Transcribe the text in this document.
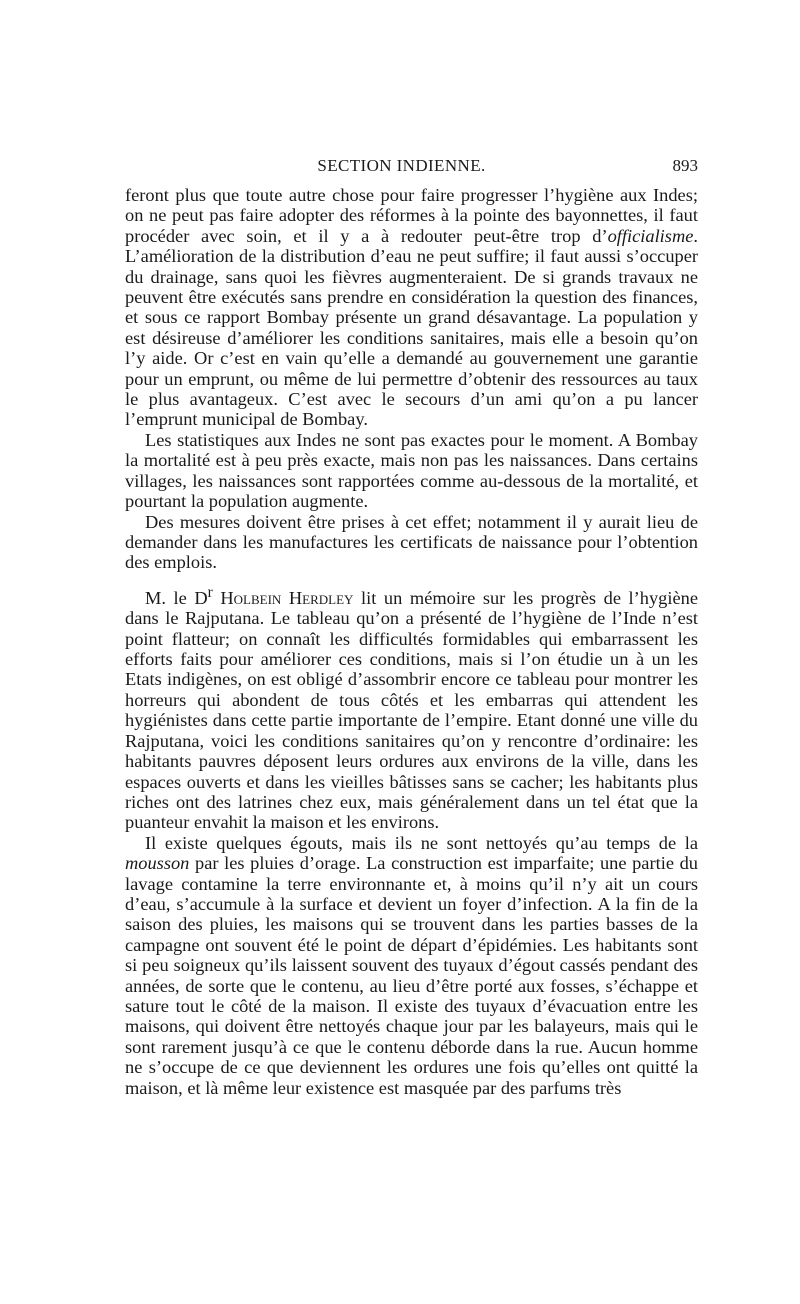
SECTION INDIENNE.	893

feront plus que toute autre chose pour faire progresser l’hygiène aux Indes; on ne peut pas faire adopter des réformes à la pointe des bayonnettes, il faut procéder avec soin, et il y a à redouter peut-être trop d’officialisme. L’amélioration de la distribution d’eau ne peut suffire; il faut aussi s’occuper du drainage, sans quoi les fièvres augmenteraient. De si grands travaux ne peuvent être exécutés sans prendre en considération la question des finances, et sous ce rapport Bombay présente un grand désavantage. La population y est désireuse d’améliorer les conditions sanitaires, mais elle a besoin qu’on l’y aide. Or c’est en vain qu’elle a demandé au gouvernement une garantie pour un emprunt, ou même de lui permettre d’obtenir des ressources au taux le plus avantageux. C’est avec le secours d’un ami qu’on a pu lancer l’emprunt municipal de Bombay.

Les statistiques aux Indes ne sont pas exactes pour le moment. A Bombay la mortalité est à peu près exacte, mais non pas les naissances. Dans certains villages, les naissances sont rapportées comme au-dessous de la mortalité, et pourtant la population augmente.

Des mesures doivent être prises à cet effet; notamment il y aurait lieu de demander dans les manufactures les certificats de naissance pour l’obtention des emplois.

M. le $D^r$ Holbein Herdley lit un mémoire sur les progrès de l’hygiène dans le Rajputana. Le tableau qu’on a présenté de l’hygiène de l’Inde n’est point flatteur; on connaît les difficultés formidables qui embarrassent les efforts faits pour améliorer ces conditions, mais si l’on étudie un à un les Etats indigènes, on est obligé d’assombrir encore ce tableau pour montrer les horreurs qui abondent de tous côtés et les embarras qui attendent les hygiénistes dans cette partie importante de l’empire. Etant donné une ville du Rajputana, voici les conditions sanitaires qu’on y rencontre d’ordinaire: les habitants pauvres déposent leurs ordures aux environs de la ville, dans les espaces ouverts et dans les vieilles bâtisses sans se cacher; les habitants plus riches ont des latrines chez eux, mais généralement dans un tel état que la puanteur envahit la maison et les environs.

Il existe quelques égouts, mais ils ne sont nettoyés qu’au temps de la mousson par les pluies d’orage. La construction est imparfaite; une partie du lavage contamine la terre environnante et, à moins qu’il n’y ait un cours d’eau, s’accumule à la surface et devient un foyer d’infection. A la fin de la saison des pluies, les maisons qui se trouvent dans les parties basses de la campagne ont souvent été le point de départ d’épidémies. Les habitants sont si peu soigneux qu’ils laissent souvent des tuyaux d’égout cassés pendant des années, de sorte que le contenu, au lieu d’être porté aux fosses, s’échappe et sature tout le côté de la maison. Il existe des tuyaux d’évacuation entre les maisons, qui doivent être nettoyés chaque jour par les balayeurs, mais qui le sont rarement jusqu’à ce que le contenu déborde dans la rue. Aucun homme ne s’occupe de ce que deviennent les ordures une fois qu’elles ont quitté la maison, et là même leur existence est masquée par des parfums très
